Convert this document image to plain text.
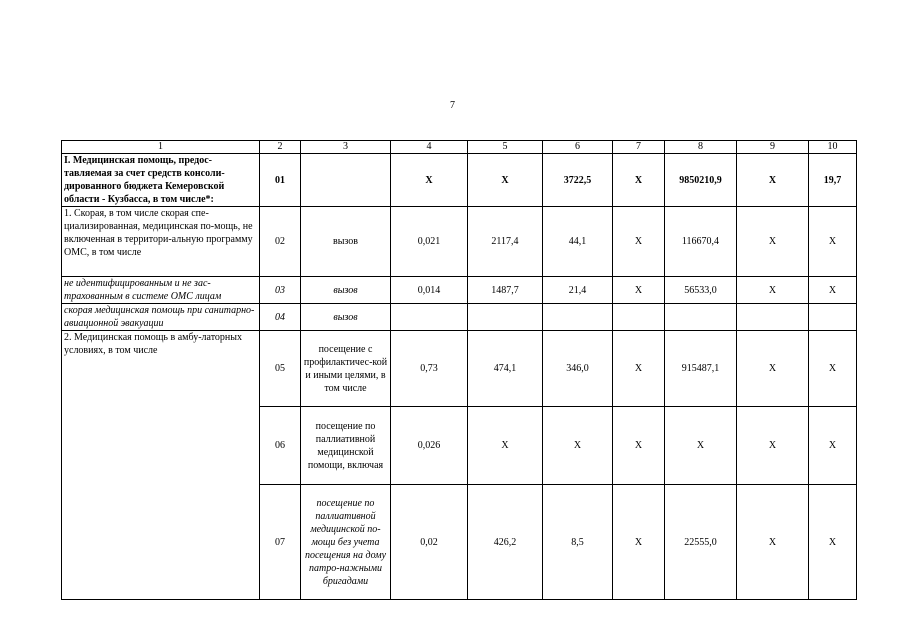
7
1	2	3	4	5	6	7	8	9	10
I. Медицинская помощь, предос-тавляемая за счет средств консоли-дированного бюджета Кемеровской области - Кузбасса, в том числе*:	01		X	X	3722,5	X	9850210,9	X	19,7
1. Скорая, в том числе скорая спе-циализированная, медицинская по-мощь, не включенная в территори-альную программу ОМС, в том числе	02	вызов	0,021	2117,4	44,1	X	116670,4	X	X
не идентифицированным и не зас-трахованным в системе ОМС лицам	03	вызов	0,014	1487,7	21,4	X	56533,0	X	X
скорая медицинская помощь при санитарно-авиационной эвакуации	04	вызов							
2. Медицинская помощь в амбу-латорных условиях, в том числе	05	посещение с профилактичес-кой и иными целями, в том числе	0,73	474,1	346,0	X	915487,1	X	X
	06	посещение по паллиативной медицинской помощи, включая	0,026	X	X	X	X	X	X
	07	посещение по паллиативной медицинской по-мощи без учета посещения на дому патро-нажными бригадами	0,02	426,2	8,5	X	22555,0	X	X
